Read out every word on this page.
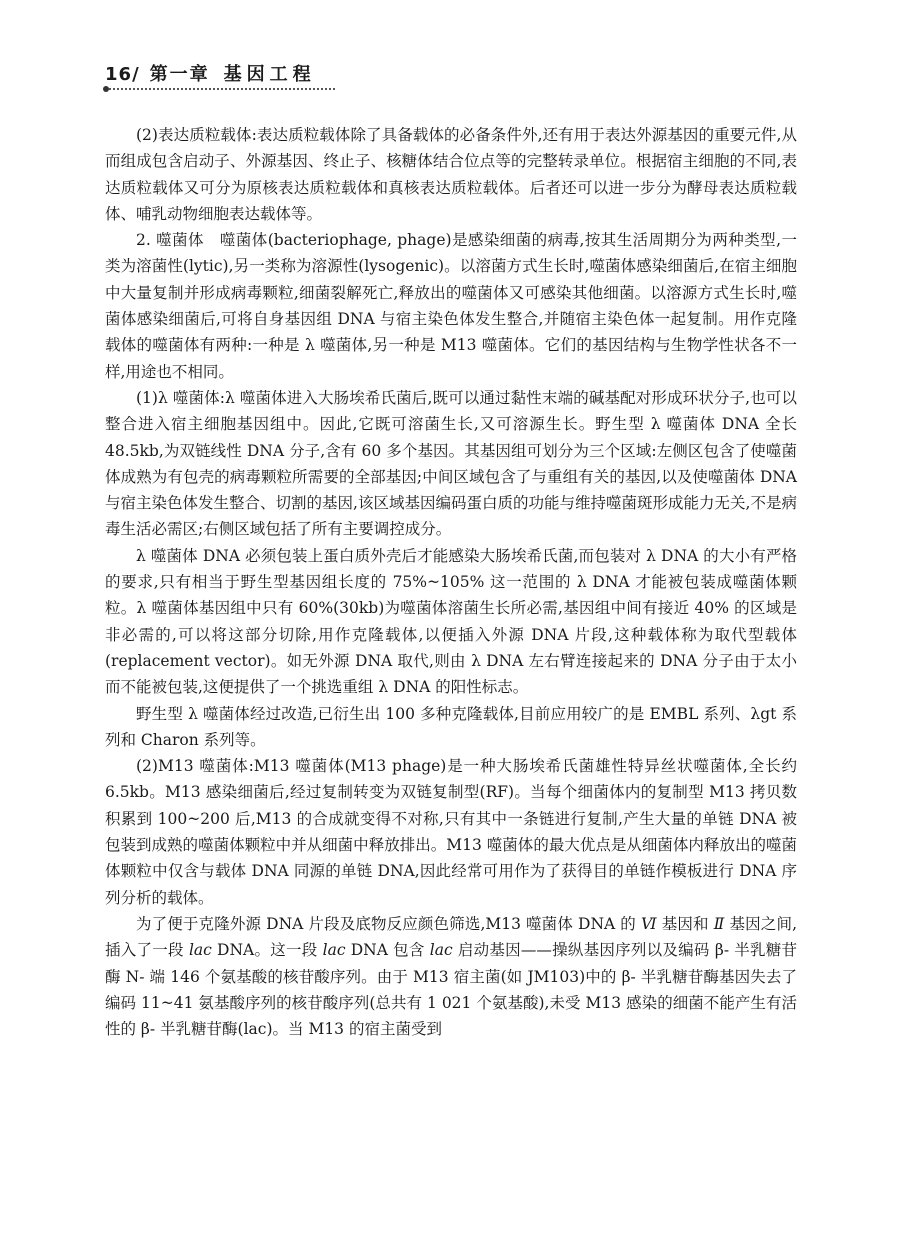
16/ 第一章 基因工程

(2)表达质粒载体:表达质粒载体除了具备载体的必备条件外,还有用于表达外源基因的重要元件,从而组成包含启动子、外源基因、终止子、核糖体结合位点等的完整转录单位。根据宿主细胞的不同,表达质粒载体又可分为原核表达质粒载体和真核表达质粒载体。后者还可以进一步分为酵母表达质粒载体、哺乳动物细胞表达载体等。

2. 噬菌体　噬菌体(bacteriophage, phage)是感染细菌的病毒,按其生活周期分为两种类型,一类为溶菌性(lytic),另一类称为溶源性(lysogenic)。以溶菌方式生长时,噬菌体感染细菌后,在宿主细胞中大量复制并形成病毒颗粒,细菌裂解死亡,释放出的噬菌体又可感染其他细菌。以溶源方式生长时,噬菌体感染细菌后,可将自身基因组 DNA 与宿主染色体发生整合,并随宿主染色体一起复制。用作克隆载体的噬菌体有两种:一种是 λ 噬菌体,另一种是 M13 噬菌体。它们的基因结构与生物学性状各不一样,用途也不相同。

(1)λ 噬菌体:λ 噬菌体进入大肠埃希氏菌后,既可以通过黏性末端的碱基配对形成环状分子,也可以整合进入宿主细胞基因组中。因此,它既可溶菌生长,又可溶源生长。野生型 λ 噬菌体 DNA 全长 48.5kb,为双链线性 DNA 分子,含有 60 多个基因。其基因组可划分为三个区域:左侧区包含了使噬菌体成熟为有包壳的病毒颗粒所需要的全部基因;中间区域包含了与重组有关的基因,以及使噬菌体 DNA 与宿主染色体发生整合、切割的基因,该区域基因编码蛋白质的功能与维持噬菌斑形成能力无关,不是病毒生活必需区;右侧区域包括了所有主要调控成分。

λ 噬菌体 DNA 必须包装上蛋白质外壳后才能感染大肠埃希氏菌,而包装对 λ DNA 的大小有严格的要求,只有相当于野生型基因组长度的 75%~105% 这一范围的 λ DNA 才能被包装成噬菌体颗粒。λ 噬菌体基因组中只有 60%(30kb)为噬菌体溶菌生长所必需,基因组中间有接近 40% 的区域是非必需的,可以将这部分切除,用作克隆载体,以便插入外源 DNA 片段,这种载体称为取代型载体(replacement vector)。如无外源 DNA 取代,则由 λ DNA 左右臂连接起来的 DNA 分子由于太小而不能被包装,这便提供了一个挑选重组 λ DNA 的阳性标志。

野生型 λ 噬菌体经过改造,已衍生出 100 多种克隆载体,目前应用较广的是 EMBL 系列、λgt 系列和 Charon 系列等。

(2)M13 噬菌体:M13 噬菌体(M13 phage)是一种大肠埃希氏菌雄性特异丝状噬菌体,全长约 6.5kb。M13 感染细菌后,经过复制转变为双链复制型(RF)。当每个细菌体内的复制型 M13 拷贝数积累到 100~200 后,M13 的合成就变得不对称,只有其中一条链进行复制,产生大量的单链 DNA 被包装到成熟的噬菌体颗粒中并从细菌中释放排出。M13 噬菌体的最大优点是从细菌体内释放出的噬菌体颗粒中仅含与载体 DNA 同源的单链 DNA,因此经常可用作为了获得目的单链作模板进行 DNA 序列分析的载体。

为了便于克隆外源 DNA 片段及底物反应颜色筛选,M13 噬菌体 DNA 的 Ⅵ 基因和 Ⅱ 基因之间,插入了一段 lac DNA。这一段 lac DNA 包含 lac 启动基因——操纵基因序列以及编码 β- 半乳糖苷酶 N- 端 146 个氨基酸的核苷酸序列。由于 M13 宿主菌(如 JM103)中的 β- 半乳糖苷酶基因失去了编码 11~41 氨基酸序列的核苷酸序列(总共有 1 021 个氨基酸),未受 M13 感染的细菌不能产生有活性的 β- 半乳糖苷酶(lac)。当 M13 的宿主菌受到
